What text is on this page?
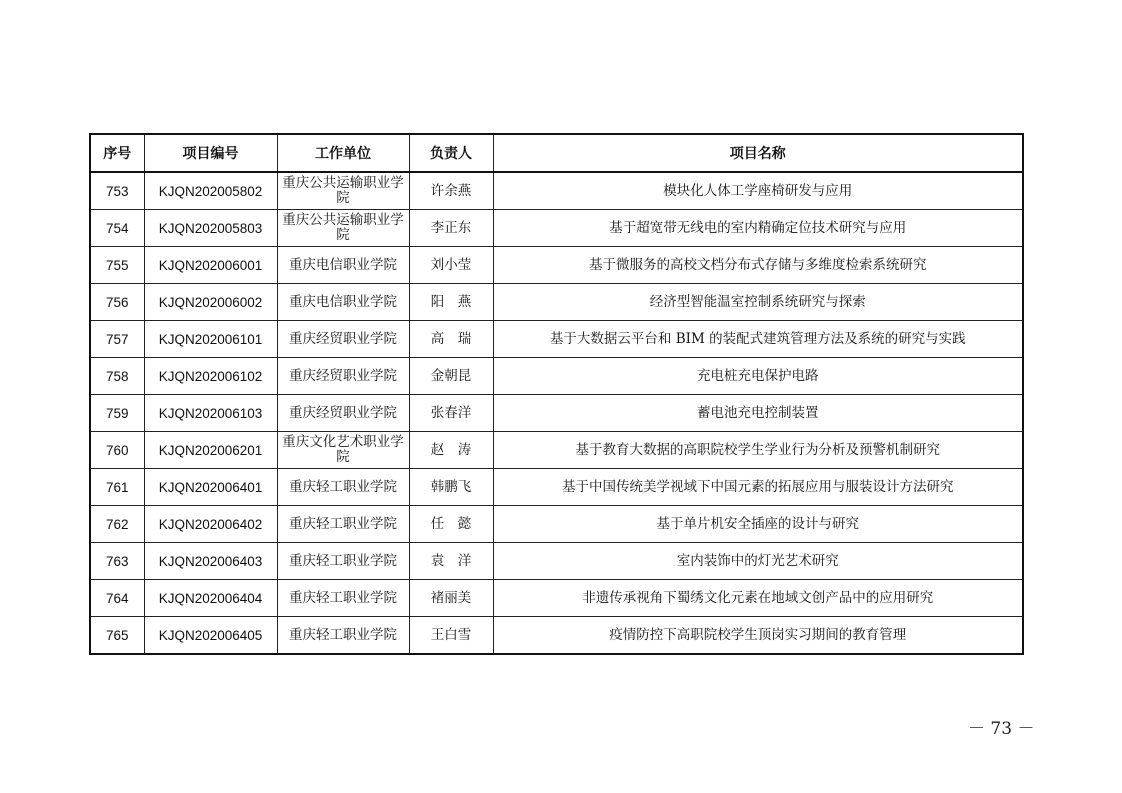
序号	项目编号	工作单位	负责人	项目名称
753	KJQN202005802	重庆公共运输职业学院	许余燕	模块化人体工学座椅研发与应用
754	KJQN202005803	重庆公共运输职业学院	李正东	基于超宽带无线电的室内精确定位技术研究与应用
755	KJQN202006001	重庆电信职业学院	刘小莹	基于微服务的高校文档分布式存储与多维度检索系统研究
756	KJQN202006002	重庆电信职业学院	阳　燕	经济型智能温室控制系统研究与探索
757	KJQN202006101	重庆经贸职业学院	高　瑞	基于大数据云平台和 BIM 的装配式建筑管理方法及系统的研究与实践
758	KJQN202006102	重庆经贸职业学院	金朝昆	充电桩充电保护电路
759	KJQN202006103	重庆经贸职业学院	张春洋	蓄电池充电控制装置
760	KJQN202006201	重庆文化艺术职业学院	赵　涛	基于教育大数据的高职院校学生学业行为分析及预警机制研究
761	KJQN202006401	重庆轻工职业学院	韩鹏飞	基于中国传统美学视域下中国元素的拓展应用与服装设计方法研究
762	KJQN202006402	重庆轻工职业学院	任　懿	基于单片机安全插座的设计与研究
763	KJQN202006403	重庆轻工职业学院	袁　洋	室内装饰中的灯光艺术研究
764	KJQN202006404	重庆轻工职业学院	褚丽美	非遗传承视角下蜀绣文化元素在地域文创产品中的应用研究
765	KJQN202006405	重庆轻工职业学院	王白雪	疫情防控下高职院校学生顶岗实习期间的教育管理
－ 73 －
